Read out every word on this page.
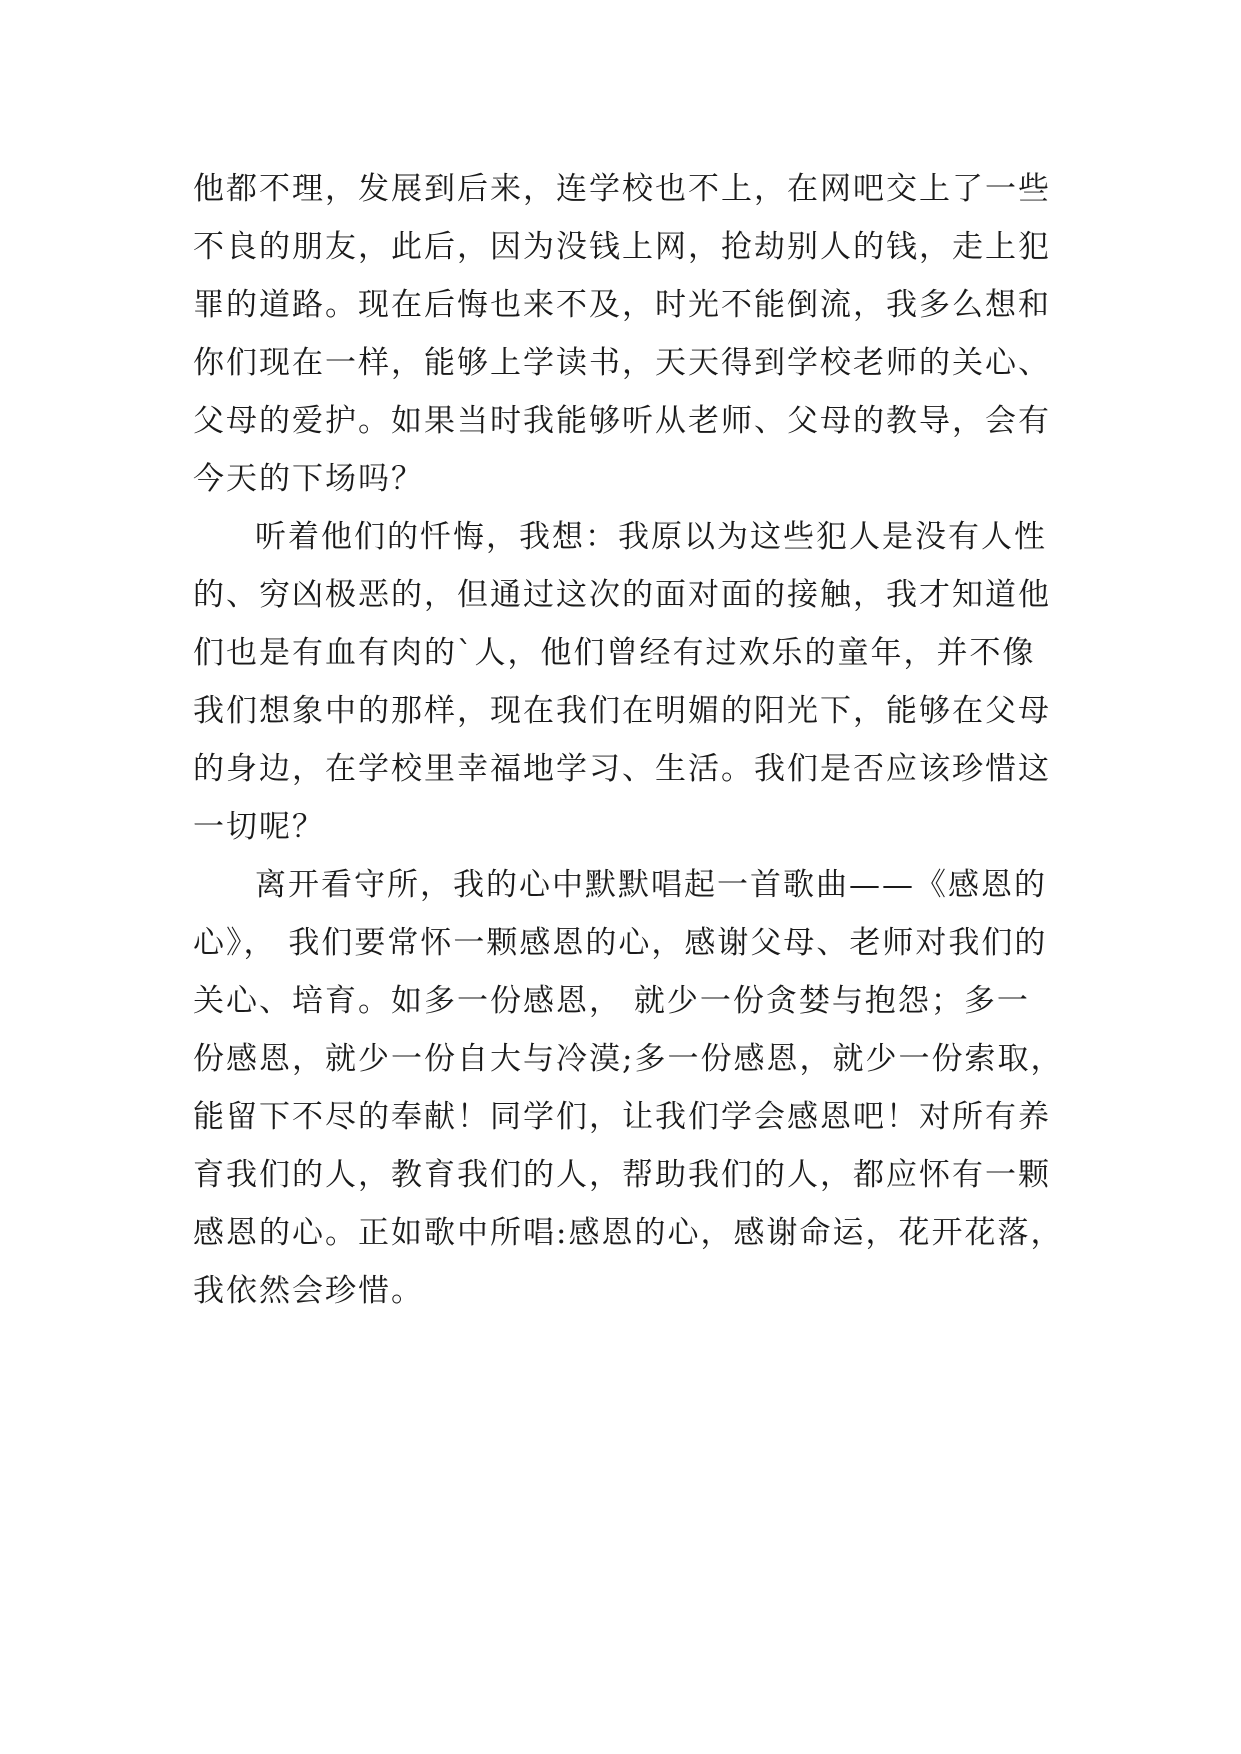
他都不理，发展到后来，连学校也不上，在网吧交上了一些
不良的朋友，此后，因为没钱上网，抢劫别人的钱，走上犯
罪的道路。现在后悔也来不及，时光不能倒流，我多么想和
你们现在一样，能够上学读书，天天得到学校老师的关心、
父母的爱护。如果当时我能够听从老师、父母的教导，会有
今天的下场吗？
听着他们的忏悔，我想：我原以为这些犯人是没有人性
的、穷凶极恶的，但通过这次的面对面的接触，我才知道他
们也是有血有肉的`人，他们曾经有过欢乐的童年，并不像
我们想象中的那样，现在我们在明媚的阳光下，能够在父母
的身边，在学校里幸福地学习、生活。我们是否应该珍惜这
一切呢？
离开看守所，我的心中默默唱起一首歌曲——《感恩的
心》， 我们要常怀一颗感恩的心，感谢父母、老师对我们的
关心、培育。如多一份感恩， 就少一份贪婪与抱怨；多一
份感恩，就少一份自大与冷漠;多一份感恩，就少一份索取，
能留下不尽的奉献！同学们，让我们学会感恩吧！对所有养
育我们的人，教育我们的人，帮助我们的人，都应怀有一颗
感恩的心。正如歌中所唱:感恩的心，感谢命运，花开花落，
我依然会珍惜。
